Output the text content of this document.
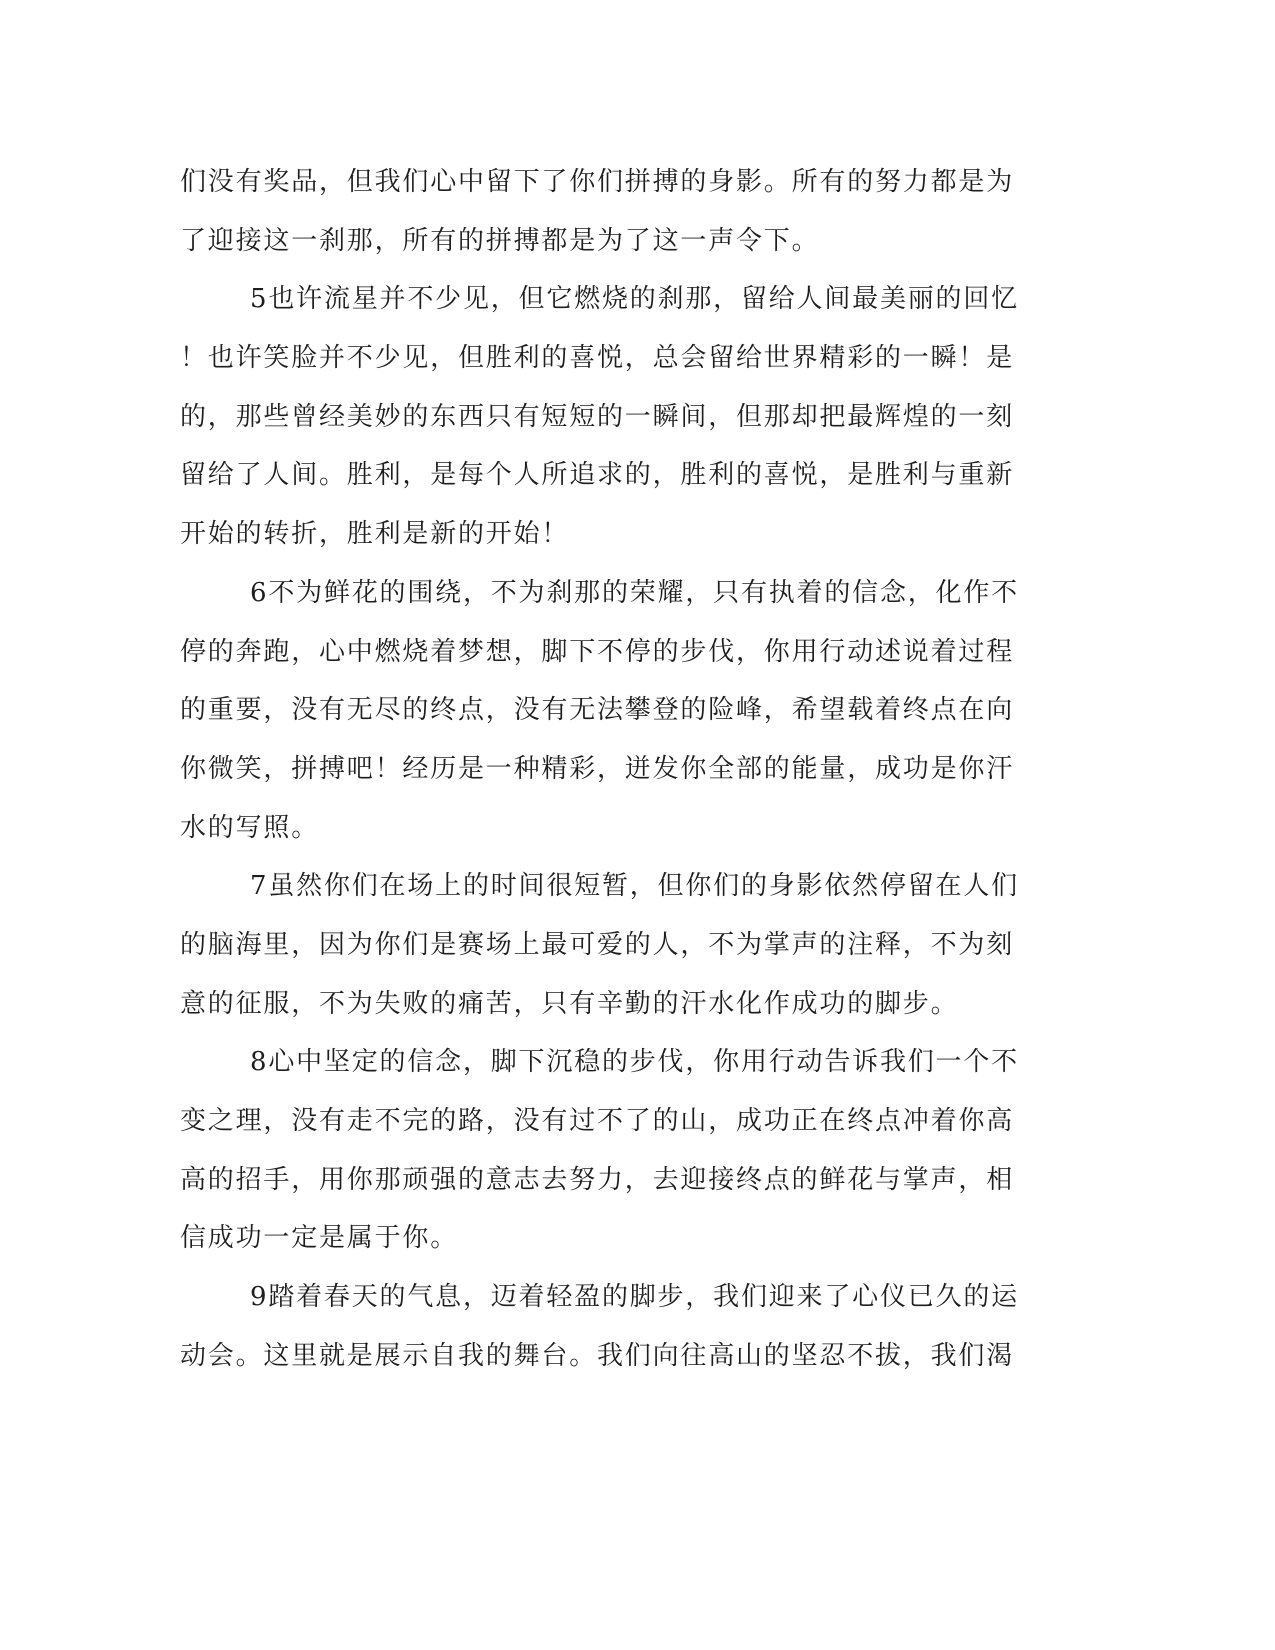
们没有奖品，但我们心中留下了你们拼搏的身影。所有的努力都是为
了迎接这一刹那，所有的拼搏都是为了这一声令下。
5也许流星并不少见，但它燃烧的刹那，留给人间最美丽的回忆
！也许笑脸并不少见，但胜利的喜悦，总会留给世界精彩的一瞬！是
的，那些曾经美妙的东西只有短短的一瞬间，但那却把最辉煌的一刻
留给了人间。胜利，是每个人所追求的，胜利的喜悦，是胜利与重新
开始的转折，胜利是新的开始！
6不为鲜花的围绕，不为刹那的荣耀，只有执着的信念，化作不
停的奔跑，心中燃烧着梦想，脚下不停的步伐，你用行动述说着过程
的重要，没有无尽的终点，没有无法攀登的险峰，希望载着终点在向
你微笑，拼搏吧！经历是一种精彩，迸发你全部的能量，成功是你汗
水的写照。
7虽然你们在场上的时间很短暂，但你们的身影依然停留在人们
的脑海里，因为你们是赛场上最可爱的人，不为掌声的注释，不为刻
意的征服，不为失败的痛苦，只有辛勤的汗水化作成功的脚步。
8心中坚定的信念，脚下沉稳的步伐，你用行动告诉我们一个不
变之理，没有走不完的路，没有过不了的山，成功正在终点冲着你高
高的招手，用你那顽强的意志去努力，去迎接终点的鲜花与掌声，相
信成功一定是属于你。
9踏着春天的气息，迈着轻盈的脚步，我们迎来了心仪已久的运
动会。这里就是展示自我的舞台。我们向往高山的坚忍不拔，我们渴
